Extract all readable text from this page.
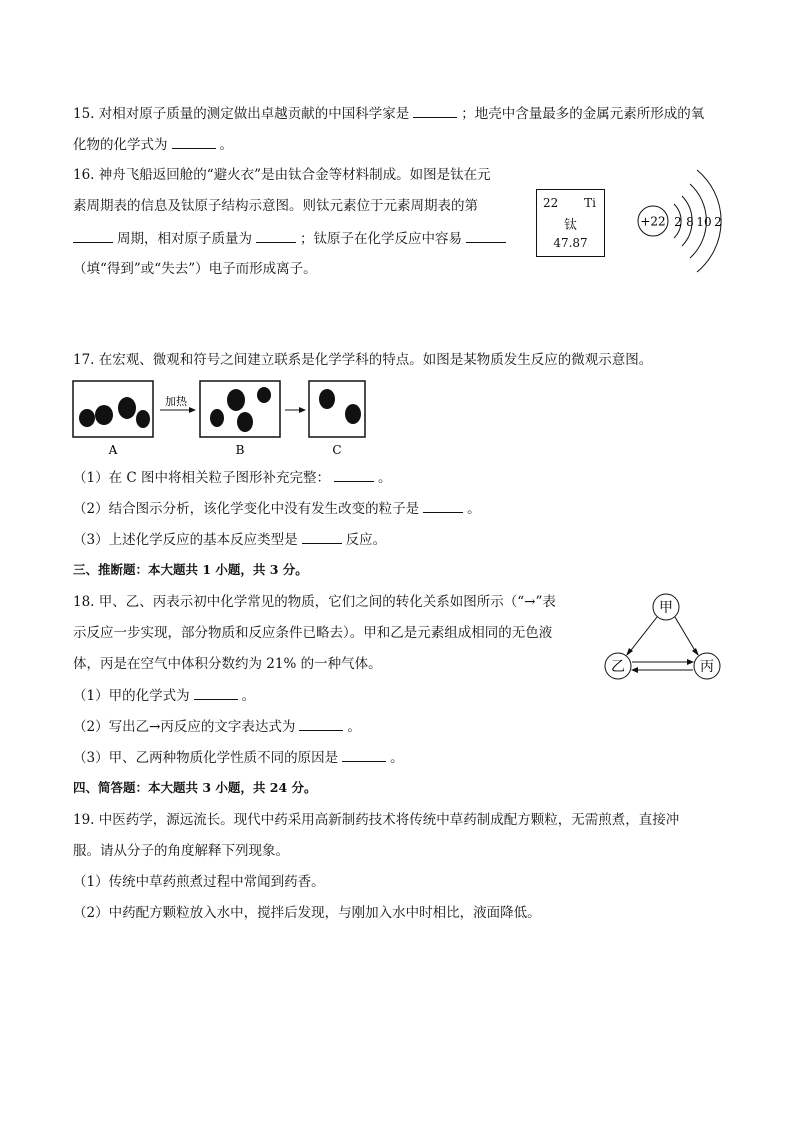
15. 对相对原子质量的测定做出卓越贡献的中国科学家是	；地壳中含量最多的金属元素所形成的氧
化物的化学式为	。
16. 神舟飞船返回舱的“避火衣”是由钛合金等材料制成。如图是钛在元
素周期表的信息及钛原子结构示意图。则钛元素位于元素周期表的第
周期，相对原子质量为	；钛原子在化学反应中容易
（填“得到”或“失去”）电子而形成离子。
22 Ti
钛
47.87
+22 2 8 10 2
17. 在宏观、微观和符号之间建立联系是化学学科的特点。如图是某物质发生反应的微观示意图。
加热
A	B	C
（1）在 C 图中将相关粒子图形补充完整：	。
（2）结合图示分析，该化学变化中没有发生改变的粒子是	。
（3）上述化学反应的基本反应类型是	反应。
三、推断题：本大题共 1 小题，共 3 分。
18. 甲、乙、丙表示初中化学常见的物质，它们之间的转化关系如图所示（“→”表
示反应一步实现，部分物质和反应条件已略去）。甲和乙是元素组成相同的无色液
体，丙是在空气中体积分数约为 21% 的一种气体。
（1）甲的化学式为	。
（2）写出乙→丙反应的文字表达式为	。
（3）甲、乙两种物质化学性质不同的原因是	。
甲
乙	丙
四、简答题：本大题共 3 小题，共 24 分。
19. 中医药学，源远流长。现代中药采用高新制药技术将传统中草药制成配方颗粒，无需煎煮，直接冲
服。请从分子的角度解释下列现象。
（1）传统中草药煎煮过程中常闻到药香。
（2）中药配方颗粒放入水中，搅拌后发现，与刚加入水中时相比，液面降低。
